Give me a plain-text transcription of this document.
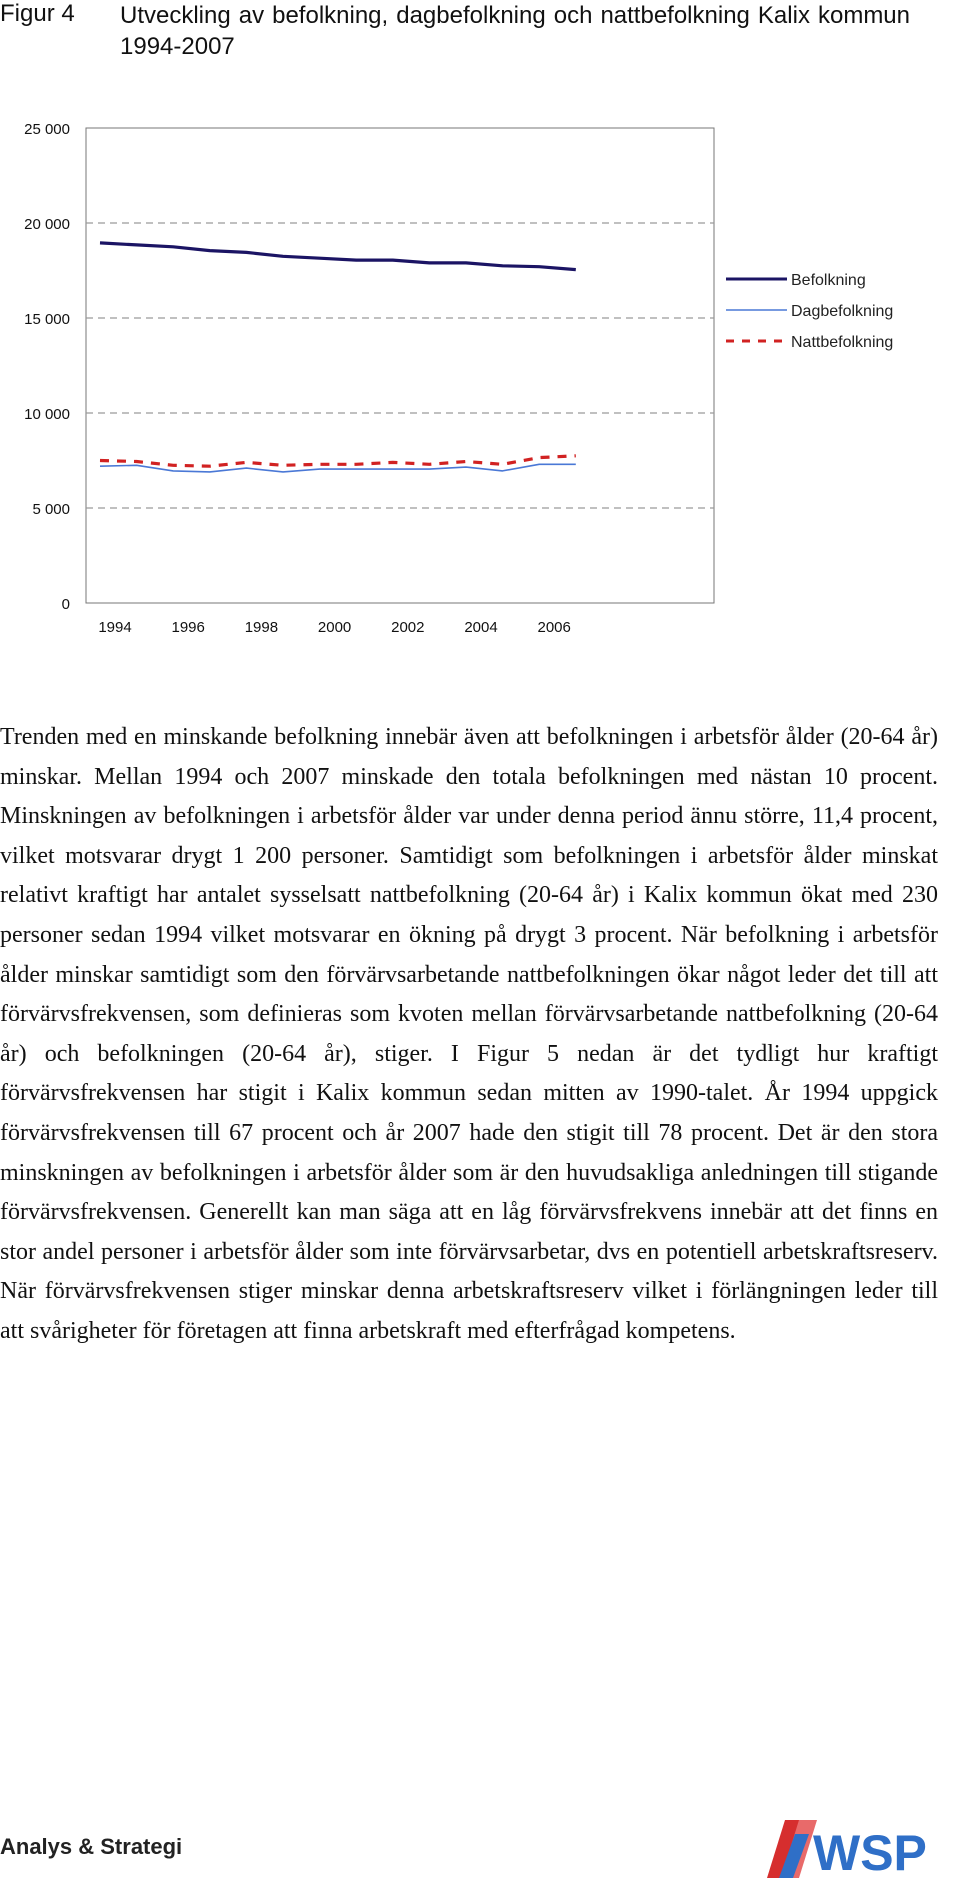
Figur 4 Utveckling av befolkning, dagbefolkning och nattbefolkning Kalix kommun 1994-2007
0
5 000
10 000
15 000
20 000
25 000
1994	1996	1998	2000	2002	2004	2006
Befolkning
Dagbefolkning
Nattbefolkning

Trenden med en minskande befolkning innebär även att befolkningen i arbetsför ålder (20-64 år) minskar. Mellan 1994 och 2007 minskade den totala befolkningen med nästan 10 procent. Minskningen av befolkningen i arbetsför ålder var under denna period ännu större, 11,4 procent, vilket motsvarar drygt 1 200 personer. Samtidigt som befolkningen i arbetsför ålder minskat relativt kraftigt har antalet sysselsatt nattbefolkning (20-64 år) i Kalix kommun ökat med 230 personer sedan 1994 vilket motsvarar en ökning på drygt 3 procent. När befolkning i arbetsför ålder minskar samtidigt som den förvärvsarbetande nattbefolkningen ökar något leder det till att förvärvsfrekvensen, som definieras som kvoten mellan förvärvsarbetande nattbefolkning (20-64 år) och befolkningen (20-64 år), stiger. I Figur 5 nedan är det tydligt hur kraftigt förvärvsfrekvensen har stigit i Kalix kommun sedan mitten av 1990-talet. År 1994 uppgick förvärvsfrekvensen till 67 procent och år 2007 hade den stigit till 78 procent. Det är den stora minskningen av befolkningen i arbetsför ålder som är den huvudsakliga anledningen till stigande förvärvsfrekvensen. Generellt kan man säga att en låg förvärvsfrekvens innebär att det finns en stor andel personer i arbetsför ålder som inte förvärvsarbetar, dvs en potentiell arbetskraftsreserv. När förvärvsfrekvensen stiger minskar denna arbetskraftsreserv vilket i förlängningen leder till att svårigheter för företagen att finna arbetskraft med efterfrågad kompetens.

Analys & Strategi	WSP
